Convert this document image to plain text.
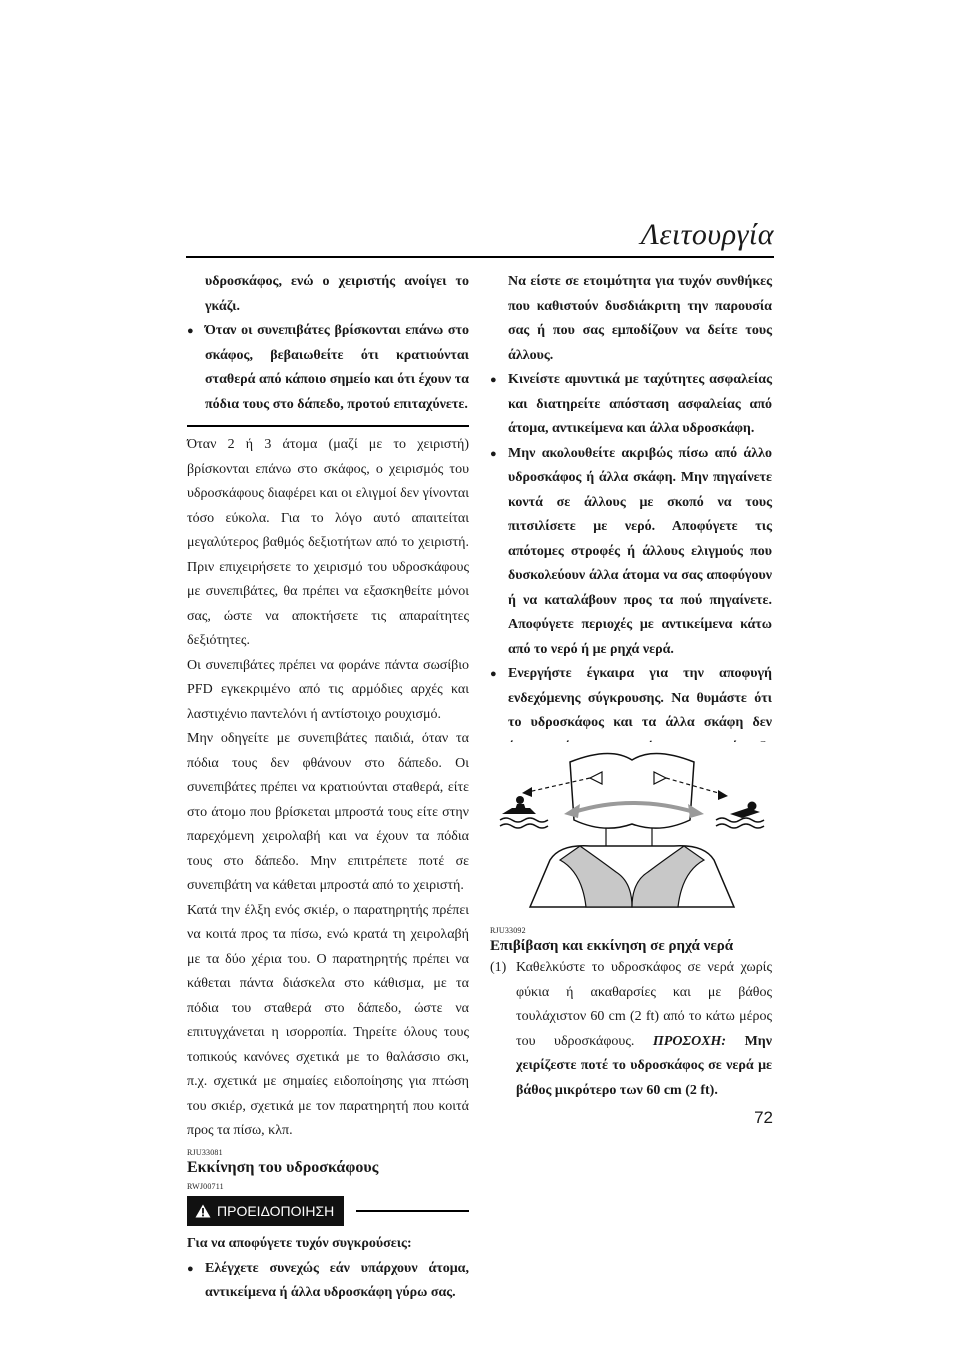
Λειτουργία
υδροσκάφος, ενώ ο χειριστής ανοίγει το γκάζι.
● Όταν οι συνεπιβάτες βρίσκονται επάνω στο σκάφος, βεβαιωθείτε ότι κρατιούνται σταθερά από κάποιο σημείο και ότι έχουν τα πόδια τους στο δάπεδο, προτού επιταχύνετε.

Όταν 2 ή 3 άτομα (μαζί με το χειριστή) βρίσκονται επάνω στο σκάφος, ο χειρισμός του υδροσκάφους διαφέρει και οι ελιγμοί δεν γίνονται τόσο εύκολα. Για το λόγο αυτό απαιτείται μεγαλύτερος βαθμός δεξιοτήτων από το χειριστή. Πριν επιχειρήσετε το χειρισμό του υδροσκάφους με συνεπιβάτες, θα πρέπει να εξασκηθείτε μόνοι σας, ώστε να αποκτήσετε τις απαραίτητες δεξιότητες.

Οι συνεπιβάτες πρέπει να φοράνε πάντα σωσίβιο PFD εγκεκριμένο από τις αρμόδιες αρχές και λαστιχένιο παντελόνι ή αντίστοιχο ρουχισμό.

Μην οδηγείτε με συνεπιβάτες παιδιά, όταν τα πόδια τους δεν φθάνουν στο δάπεδο. Οι συνεπιβάτες πρέπει να κρατιούνται σταθερά, είτε στο άτομο που βρίσκεται μπροστά τους είτε στην παρεχόμενη χειρολαβή και να έχουν τα πόδια τους στο δάπεδο. Μην επιτρέπετε ποτέ σε συνεπιβάτη να κάθεται μπροστά από το χειριστή.

Κατά την έλξη ενός σκιέρ, ο παρατηρητής πρέπει να κοιτά προς τα πίσω, ενώ κρατά τη χειρολαβή με τα δύο χέρια του. Ο παρατηρητής πρέπει να κάθεται πάντα διάσκελα στο κάθισμα, με τα πόδια του σταθερά στο δάπεδο, ώστε να επιτυγχάνεται η ισορροπία. Τηρείτε όλους τους τοπικούς κανόνες σχετικά με το θαλάσσιο σκι, π.χ. σχετικά με σημαίες ειδοποίησης για πτώση του σκιέρ, σχετικά με τον παρατηρητή που κοιτά προς τα πίσω, κλπ.

RJU33081
Εκκίνηση του υδροσκάφους
RWJ00711
ΠΡΟΕΙΔΟΠΟΙΗΣΗ
Για να αποφύγετε τυχόν συγκρούσεις:
● Ελέγχετε συνεχώς εάν υπάρχουν άτομα, αντικείμενα ή άλλα υδροσκάφη γύρω σας.
Να είστε σε ετοιμότητα για τυχόν συνθήκες που καθιστούν δυσδιάκριτη την παρουσία σας ή που σας εμποδίζουν να δείτε τους άλλους.
● Κινείστε αμυντικά με ταχύτητες ασφαλείας και διατηρείτε απόσταση ασφαλείας από άτομα, αντικείμενα και άλλα υδροσκάφη.
● Μην ακολουθείτε ακριβώς πίσω από άλλο υδροσκάφος ή άλλα σκάφη. Μην πηγαίνετε κοντά σε άλλους με σκοπό να τους πιτσιλίσετε με νερό. Αποφύγετε τις απότομες στροφές ή άλλους ελιγμούς που δυσκολεύουν άλλα άτομα να σας αποφύγουν ή να καταλάβουν προς τα πού πηγαίνετε. Αποφύγετε περιοχές με αντικείμενα κάτω από το νερό ή με ρηχά νερά.
● Ενεργήστε έγκαιρα για την αποφυγή ενδεχόμενης σύγκρουσης. Να θυμάστε ότι το υδροσκάφος και τα άλλα σκάφη δεν
RJU33092
Επιβίβαση και εκκίνηση σε ρηχά νερά
(1) Καθελκύστε το υδροσκάφος σε νερά χωρίς φύκια ή ακαθαρσίες και με βάθος τουλάχιστον 60 cm (2 ft) από το κάτω μέρος του υδροσκάφους. ΠΡΟΣΟΧΗ: Μην χειρίζεστε ποτέ το υδροσκάφος σε νερά με βάθος μικρότερο των 60 cm (2 ft).
72
